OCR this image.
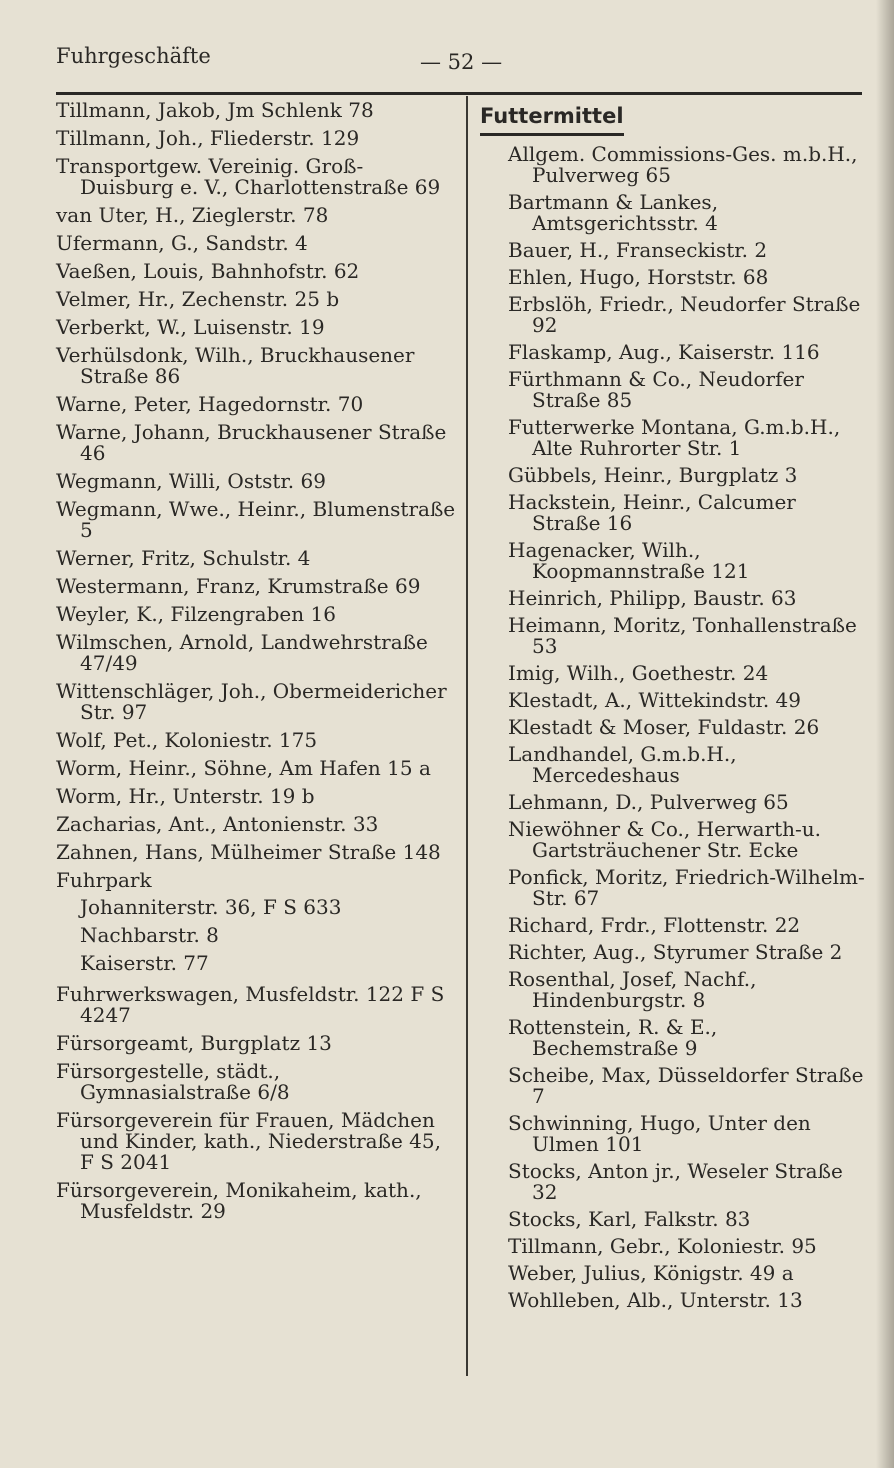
Fuhrgeschäfte	— 52 —
Tillmann, Jakob, Jm Schlenk 78
Tillmann, Joh., Fliederstr. 129
Transportgew. Vereinig. Groß-Duisburg e. V., Charlottenstraße 69
van Uter, H., Zieglerstr. 78
Ufermann, G., Sandstr. 4
Vaeßen, Louis, Bahnhofstr. 62
Velmer, Hr., Zechenstr. 25 b
Verberkt, W., Luisenstr. 19
Verhülsdonk, Wilh., Bruckhausener Straße 86
Warne, Peter, Hagedornstr. 70
Warne, Johann, Bruckhausener Straße 46
Wegmann, Willi, Oststr. 69
Wegmann, Wwe., Heinr., Blumenstraße 5
Werner, Fritz, Schulstr. 4
Westermann, Franz, Krumstraße 69
Weyler, K., Filzengraben 16
Wilmschen, Arnold, Landwehrstraße 47/49
Wittenschläger, Joh., Obermeidericher Str. 97
Wolf, Pet., Koloniestr. 175
Worm, Heinr., Söhne, Am Hafen 15 a
Worm, Hr., Unterstr. 19 b
Zacharias, Ant., Antonienstr. 33
Zahnen, Hans, Mülheimer Straße 148
Fuhrpark
Johanniterstr. 36, F S 633
Nachbarstr. 8
Kaiserstr. 77
Fuhrwerkswagen, Musfeldstr. 122 F S 4247
Fürsorgeamt, Burgplatz 13
Fürsorgestelle, städt., Gymnasialstraße 6/8
Fürsorgeverein für Frauen, Mädchen und Kinder, kath., Niederstraße 45, F S 2041
Fürsorgeverein, Monikaheim, kath., Musfeldstr. 29
Futtermittel
Allgem. Commissions-Ges. m.b.H., Pulverweg 65
Bartmann & Lankes, Amtsgerichtsstr. 4
Bauer, H., Franseckistr. 2
Ehlen, Hugo, Horststr. 68
Erbslöh, Friedr., Neudorfer Straße 92
Flaskamp, Aug., Kaiserstr. 116
Fürthmann & Co., Neudorfer Straße 85
Futterwerke Montana, G.m.b.H., Alte Ruhrorter Str. 1
Gübbels, Heinr., Burgplatz 3
Hackstein, Heinr., Calcumer Straße 16
Hagenacker, Wilh., Koopmannstraße 121
Heinrich, Philipp, Baustr. 63
Heimann, Moritz, Tonhallenstraße 53
Imig, Wilh., Goethestr. 24
Klestadt, A., Wittekindstr. 49
Klestadt & Moser, Fuldastr. 26
Landhandel, G.m.b.H., Mercedeshaus
Lehmann, D., Pulverweg 65
Niewöhner & Co., Herwarth-u. Gartsträuchener Str. Ecke
Ponfick, Moritz, Friedrich-Wilhelm-Str. 67
Richard, Frdr., Flottenstr. 22
Richter, Aug., Styrumer Straße 2
Rosenthal, Josef, Nachf., Hindenburgstr. 8
Rottenstein, R. & E., Bechemstraße 9
Scheibe, Max, Düsseldorfer Straße 7
Schwinning, Hugo, Unter den Ulmen 101
Stocks, Anton jr., Weseler Straße 32
Stocks, Karl, Falkstr. 83
Tillmann, Gebr., Koloniestr. 95
Weber, Julius, Königstr. 49 a
Wohlleben, Alb., Unterstr. 13
